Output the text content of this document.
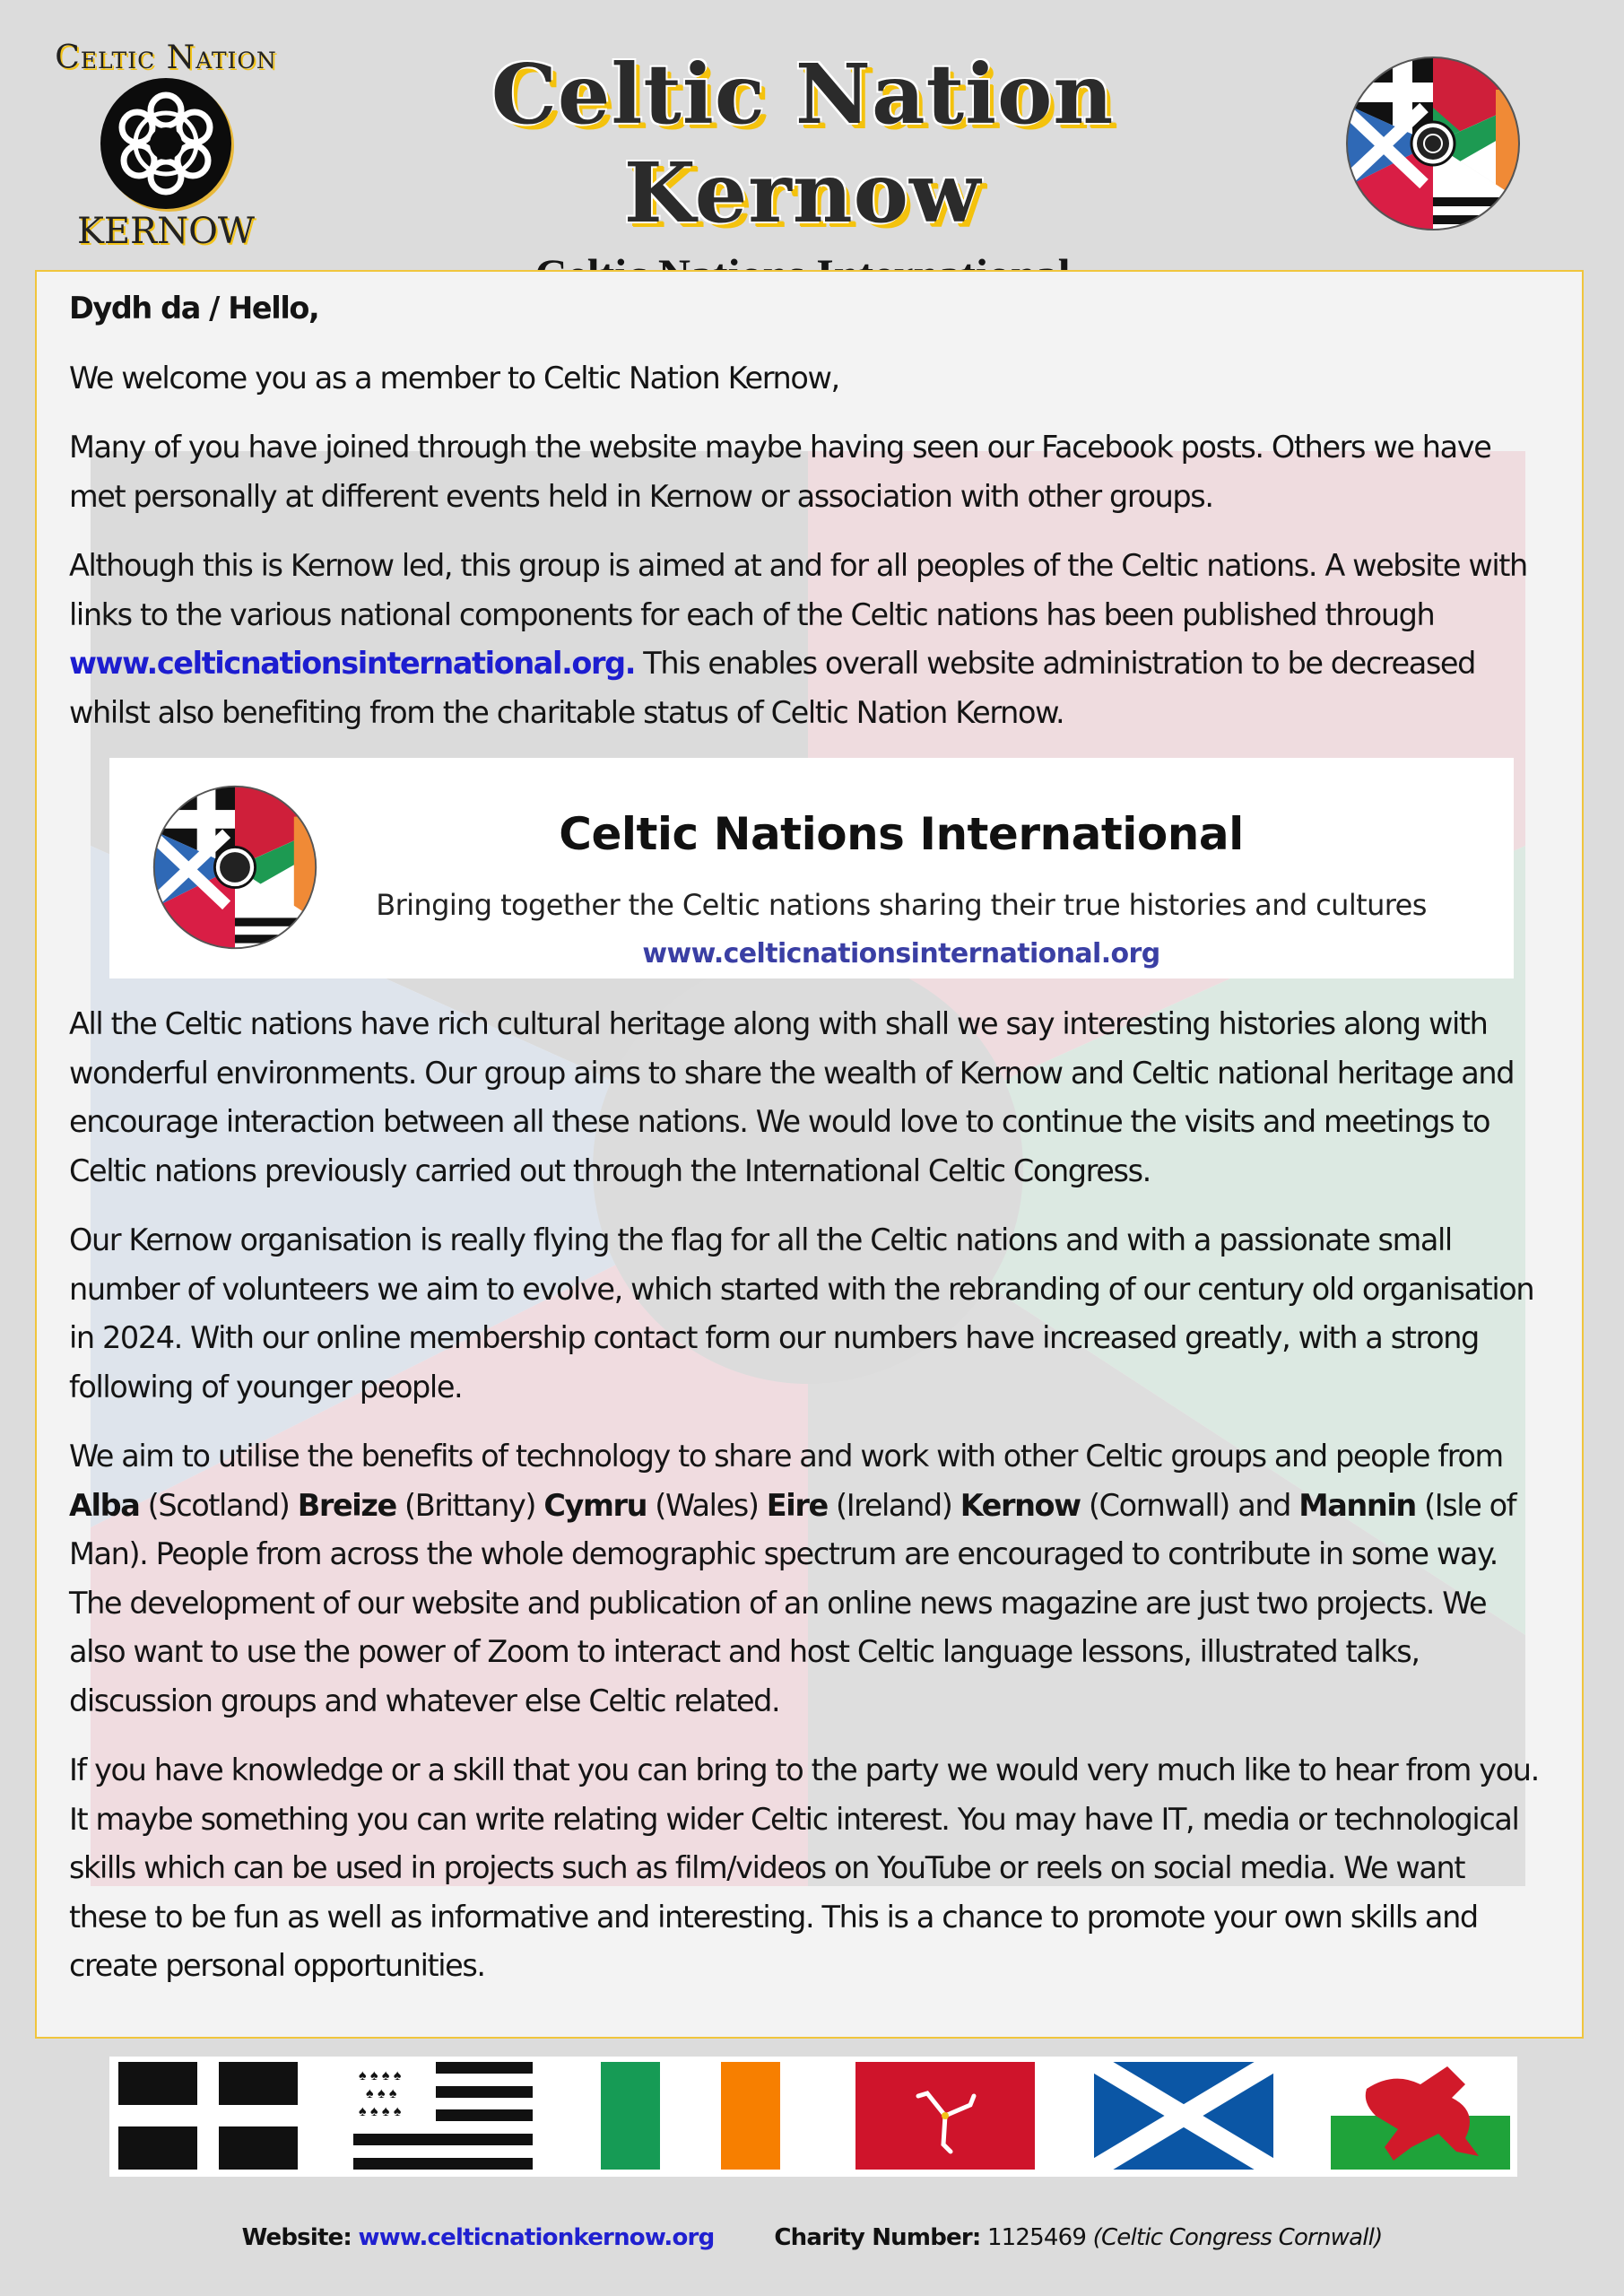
Celtic Nation
KERNOW
Celtic Nation Kernow

Dydh da / Hello,

We welcome you as a member to Celtic Nation Kernow,

Many of you have joined through the website maybe having seen our Facebook posts. Others we have met personally at different events held in Kernow or association with other groups.

Although this is Kernow led, this group is aimed at and for all peoples of the Celtic nations. A website with links to the various national components for each of the Celtic nations has been published through www.celticnationsinternational.org. This enables overall website administration to be decreased whilst also benefiting from the charitable status of Celtic Nation Kernow.

Celtic Nations International
Bringing together the Celtic nations sharing their true histories and cultures
www.celticnationsinternational.org

All the Celtic nations have rich cultural heritage along with shall we say interesting histories along with wonderful environments. Our group aims to share the wealth of Kernow and Celtic national heritage and encourage interaction between all these nations. We would love to continue the visits and meetings to Celtic nations previously carried out through the International Celtic Congress.

Our Kernow organisation is really flying the flag for all the Celtic nations and with a passionate small number of volunteers we aim to evolve, which started with the rebranding of our century old organisation in 2024. With our online membership contact form our numbers have increased greatly, with a strong following of younger people.

We aim to utilise the benefits of technology to share and work with other Celtic groups and people from Alba (Scotland) Breize (Brittany) Cymru (Wales) Eire (Ireland) Kernow (Cornwall) and Mannin (Isle of Man). People from across the whole demographic spectrum are encouraged to contribute in some way. The development of our website and publication of an online news magazine are just two projects. We also want to use the power of Zoom to interact and host Celtic language lessons, illustrated talks, discussion groups and whatever else Celtic related.

If you have knowledge or a skill that you can bring to the party we would very much like to hear from you. It maybe something you can write relating wider Celtic interest. You may have IT, media or technological skills which can be used in projects such as film/videos on YouTube or reels on social media. We want these to be fun as well as informative and interesting. This is a chance to promote your own skills and create personal opportunities.

♠ ♠ ♠ ♠
♠ ♠ ♠
♠ ♠ ♠ ♠
Website: www.celticnationkernow.org	Charity Number: 1125469 (Celtic Congress Cornwall)
